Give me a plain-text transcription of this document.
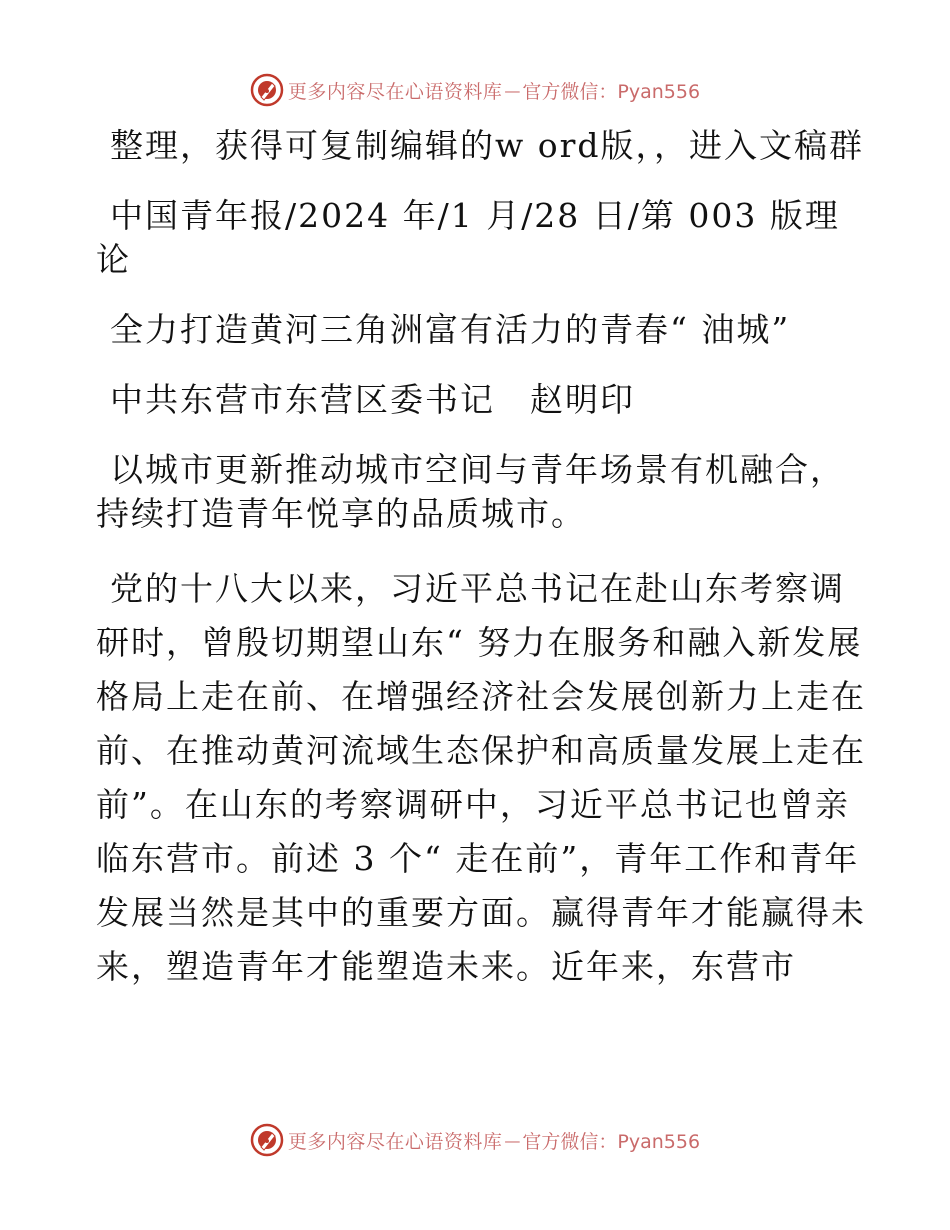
更多内容尽在心语资料库 — 官方微信：Pyan556

整理，获得可复制编辑的w ord版，，进入文稿群

中国青年报/2024 年/1 月/28 日/第 003 版理论

全力打造黄河三角洲富有活力的青春“ 油城”

中共东营市东营区委书记　赵明印

以城市更新推动城市空间与青年场景有机融合，持续打造青年悦享的品质城市。

党的十八大以来，习近平总书记在赴山东考察调研时，曾殷切期望山东“ 努力在服务和融入新发展格局上走在前、在增强经济社会发展创新力上走在前、在推动黄河流域生态保护和高质量发展上走在前”。在山东的考察调研中，习近平总书记也曾亲临东营市。前述 3 个“ 走在前”，青年工作和青年发展当然是其中的重要方面。赢得青年才能赢得未来，塑造青年才能塑造未来。近年来，东营市

更多内容尽在心语资料库 — 官方微信：Pyan556
